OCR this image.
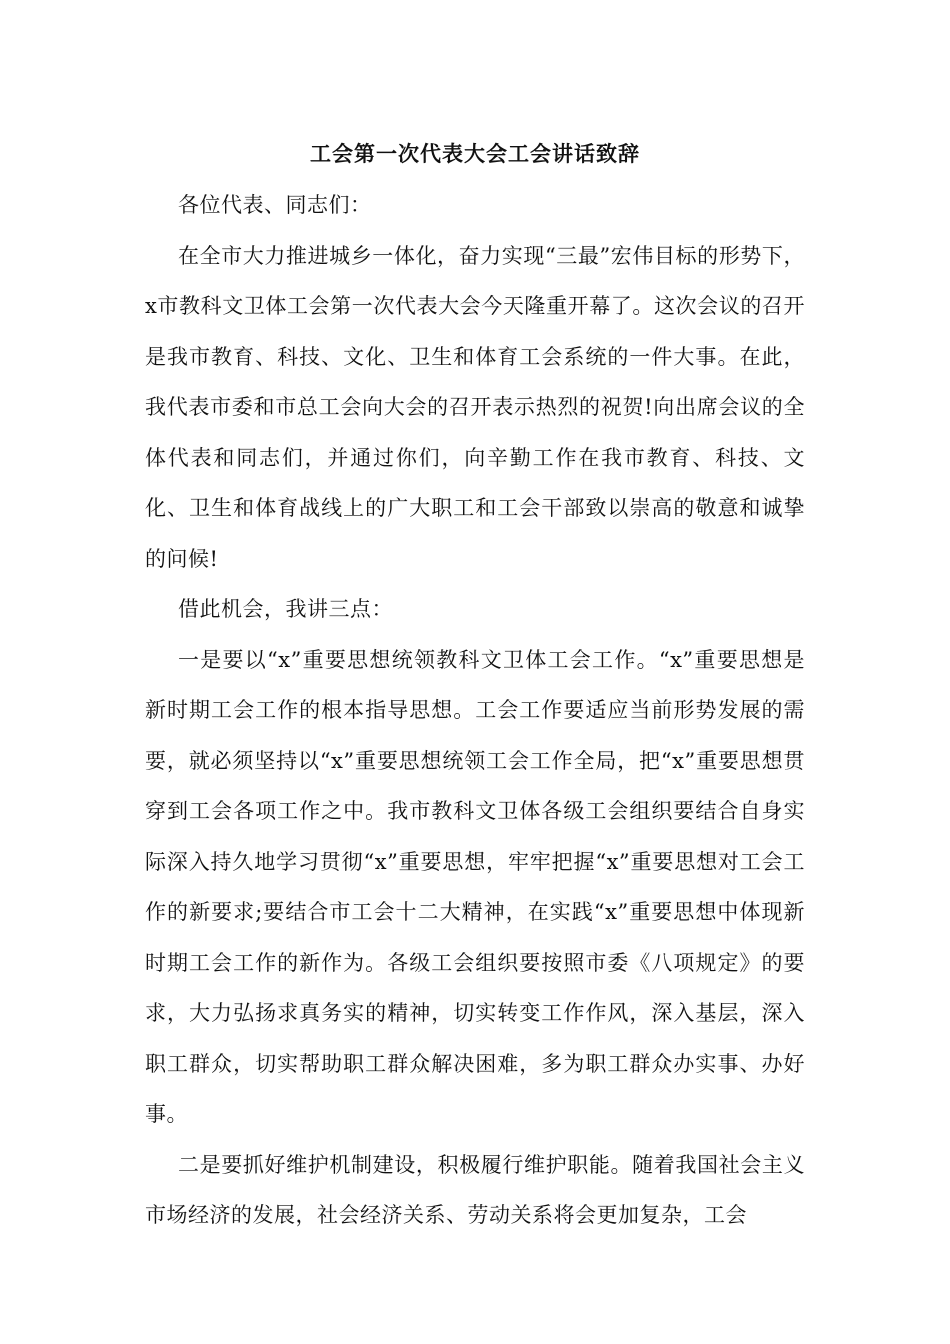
工会第一次代表大会工会讲话致辞

各位代表、同志们：

在全市大力推进城乡一体化，奋力实现“三最”宏伟目标的形势下，x市教科文卫体工会第一次代表大会今天隆重开幕了。这次会议的召开是我市教育、科技、文化、卫生和体育工会系统的一件大事。在此，我代表市委和市总工会向大会的召开表示热烈的祝贺!向出席会议的全体代表和同志们，并通过你们，向辛勤工作在我市教育、科技、文化、卫生和体育战线上的广大职工和工会干部致以崇高的敬意和诚挚的问候!

借此机会，我讲三点：

一是要以“x”重要思想统领教科文卫体工会工作。“x”重要思想是新时期工会工作的根本指导思想。工会工作要适应当前形势发展的需要，就必须坚持以“x”重要思想统领工会工作全局，把“x”重要思想贯穿到工会各项工作之中。我市教科文卫体各级工会组织要结合自身实际深入持久地学习贯彻“x”重要思想，牢牢把握“x”重要思想对工会工作的新要求;要结合市工会十二大精神，在实践“x”重要思想中体现新时期工会工作的新作为。各级工会组织要按照市委《八项规定》的要求，大力弘扬求真务实的精神，切实转变工作作风，深入基层，深入职工群众，切实帮助职工群众解决困难，多为职工群众办实事、办好事。

二是要抓好维护机制建设，积极履行维护职能。随着我国社会主义市场经济的发展，社会经济关系、劳动关系将会更加复杂，工会
